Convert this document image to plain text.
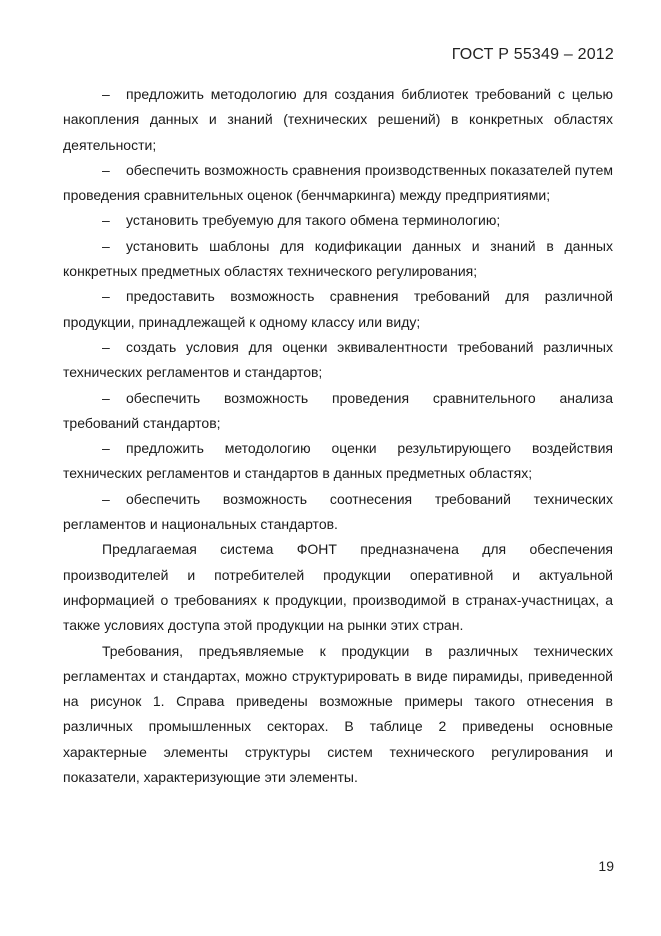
ГОСТ Р 55349 – 2012

– предложить методологию для создания библиотек требований с целью накопления данных и знаний (технических решений) в конкретных областях деятельности;

– обеспечить возможность сравнения производственных показателей путем проведения сравнительных оценок (бенчмаркинга) между предприятиями;

– установить требуемую для такого обмена терминологию;

– установить шаблоны для кодификации данных и знаний в данных конкретных предметных областях технического регулирования;

– предоставить возможность сравнения требований для различной продукции, принадлежащей к одному классу или виду;

– создать условия для оценки эквивалентности требований различных технических регламентов и стандартов;

– обеспечить возможность проведения сравнительного анализа требований стандартов;

– предложить методологию оценки результирующего воздействия технических регламентов и стандартов в данных предметных областях;

– обеспечить возможность соотнесения требований технических регламентов и национальных стандартов.

Предлагаемая система ФОНТ предназначена для обеспечения производителей и потребителей продукции оперативной и актуальной информацией о требованиях к продукции, производимой в странах-участницах, а также условиях доступа этой продукции на рынки этих стран.

Требования, предъявляемые к продукции в различных технических регламентах и стандартах, можно структурировать в виде пирамиды, приведенной на рисунок 1. Справа приведены возможные примеры такого отнесения в различных промышленных секторах. В таблице 2 приведены основные характерные элементы структуры систем технического регулирования и показатели, характеризующие эти элементы.

19
